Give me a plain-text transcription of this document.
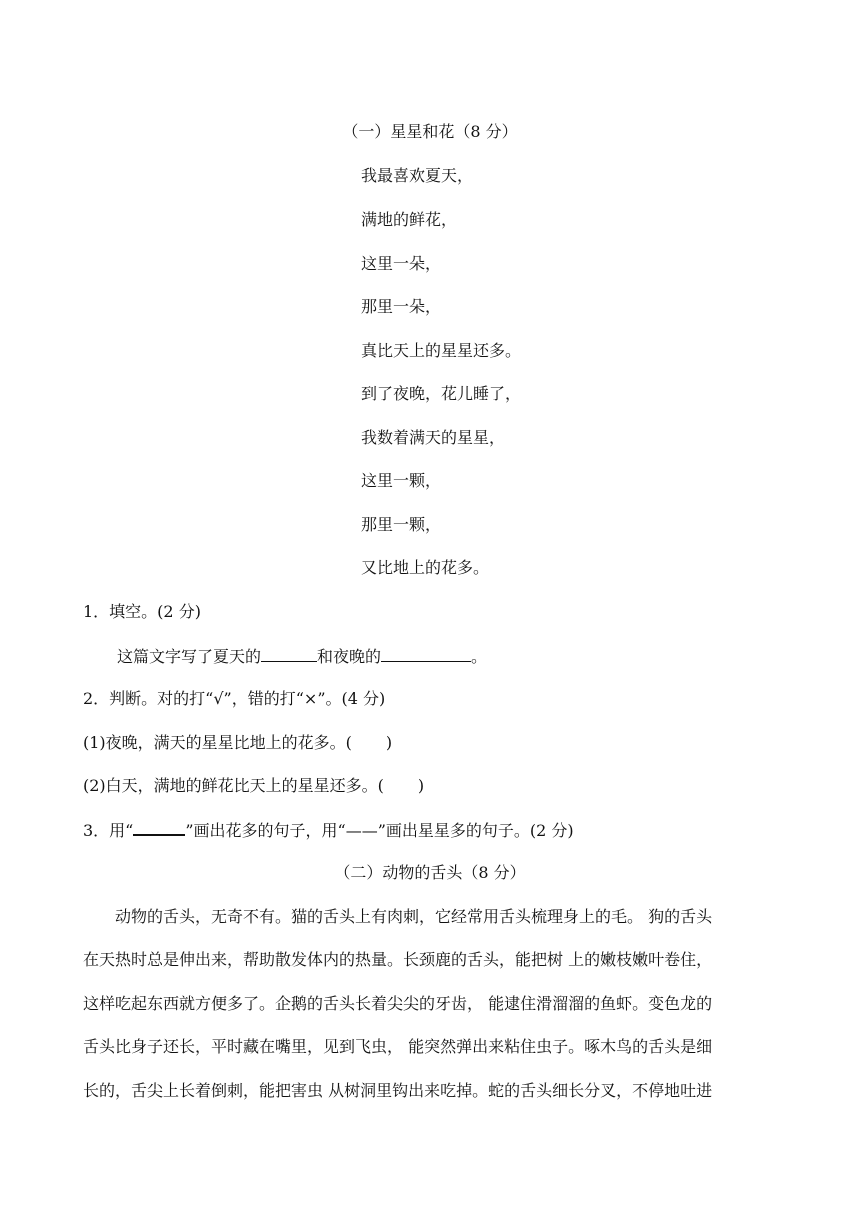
（一）星星和花（8 分）
我最喜欢夏天，
满地的鲜花，
这里一朵，
那里一朵，
真比天上的星星还多。
到了夜晚，花儿睡了，
我数着满天的星星，
这里一颗，
那里一颗，
又比地上的花多。
1．填空。(2 分)
这篇文字写了夏天的	和夜晚的	。
2．判断。对的打“√”，错的打“×”。(4 分)
(1)夜晚，满天的星星比地上的花多。( )
(2)白天，满地的鲜花比天上的星星还多。( )
3．用“	”画出花多的句子，用“——”画出星星多的句子。(2 分)
（二）动物的舌头（8 分）
　　动物的舌头，无奇不有。猫的舌头上有肉刺，它经常用舌头梳理身上的毛。 狗的舌头
在天热时总是伸出来，帮助散发体内的热量。长颈鹿的舌头，能把树 上的嫩枝嫩叶卷住，
这样吃起东西就方便多了。企鹅的舌头长着尖尖的牙齿， 能逮住滑溜溜的鱼虾。变色龙的
舌头比身子还长，平时藏在嘴里，见到飞虫， 能突然弹出来粘住虫子。啄木鸟的舌头是细
长的，舌尖上长着倒刺，能把害虫 从树洞里钩出来吃掉。蛇的舌头细长分叉，不停地吐进
